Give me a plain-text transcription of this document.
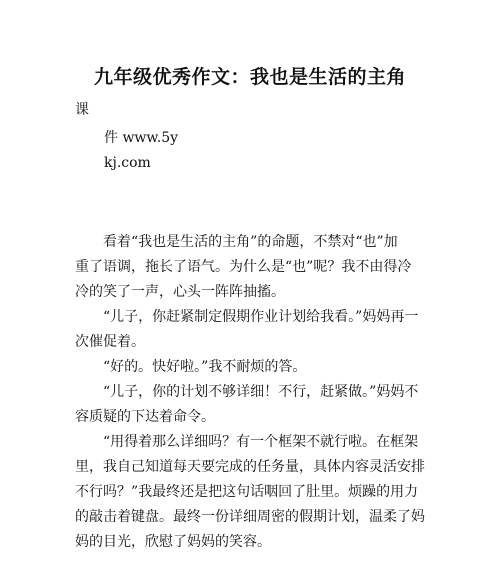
九年级优秀作文：我也是生活的主角
课
件 www.5y
kj.com
　　看着“我也是生活的主角”的命题，不禁对“也”加
重了语调，拖长了语气。为什么是“也”呢？我不由得冷
冷的笑了一声，心头一阵阵抽搐。
　　“儿子，你赶紧制定假期作业计划给我看。”妈妈再一
次催促着。
　　“好的。快好啦。”我不耐烦的答。
　　“儿子，你的计划不够详细！不行，赶紧做。”妈妈不
容质疑的下达着命令。
　　“用得着那么详细吗？有一个框架不就行啦。在框架
里，我自己知道每天要完成的任务量，具体内容灵活安排
不行吗？”我最终还是把这句话咽回了肚里。烦躁的用力
的敲击着键盘。最终一份详细周密的假期计划，温柔了妈
妈的目光，欣慰了妈妈的笑容。
